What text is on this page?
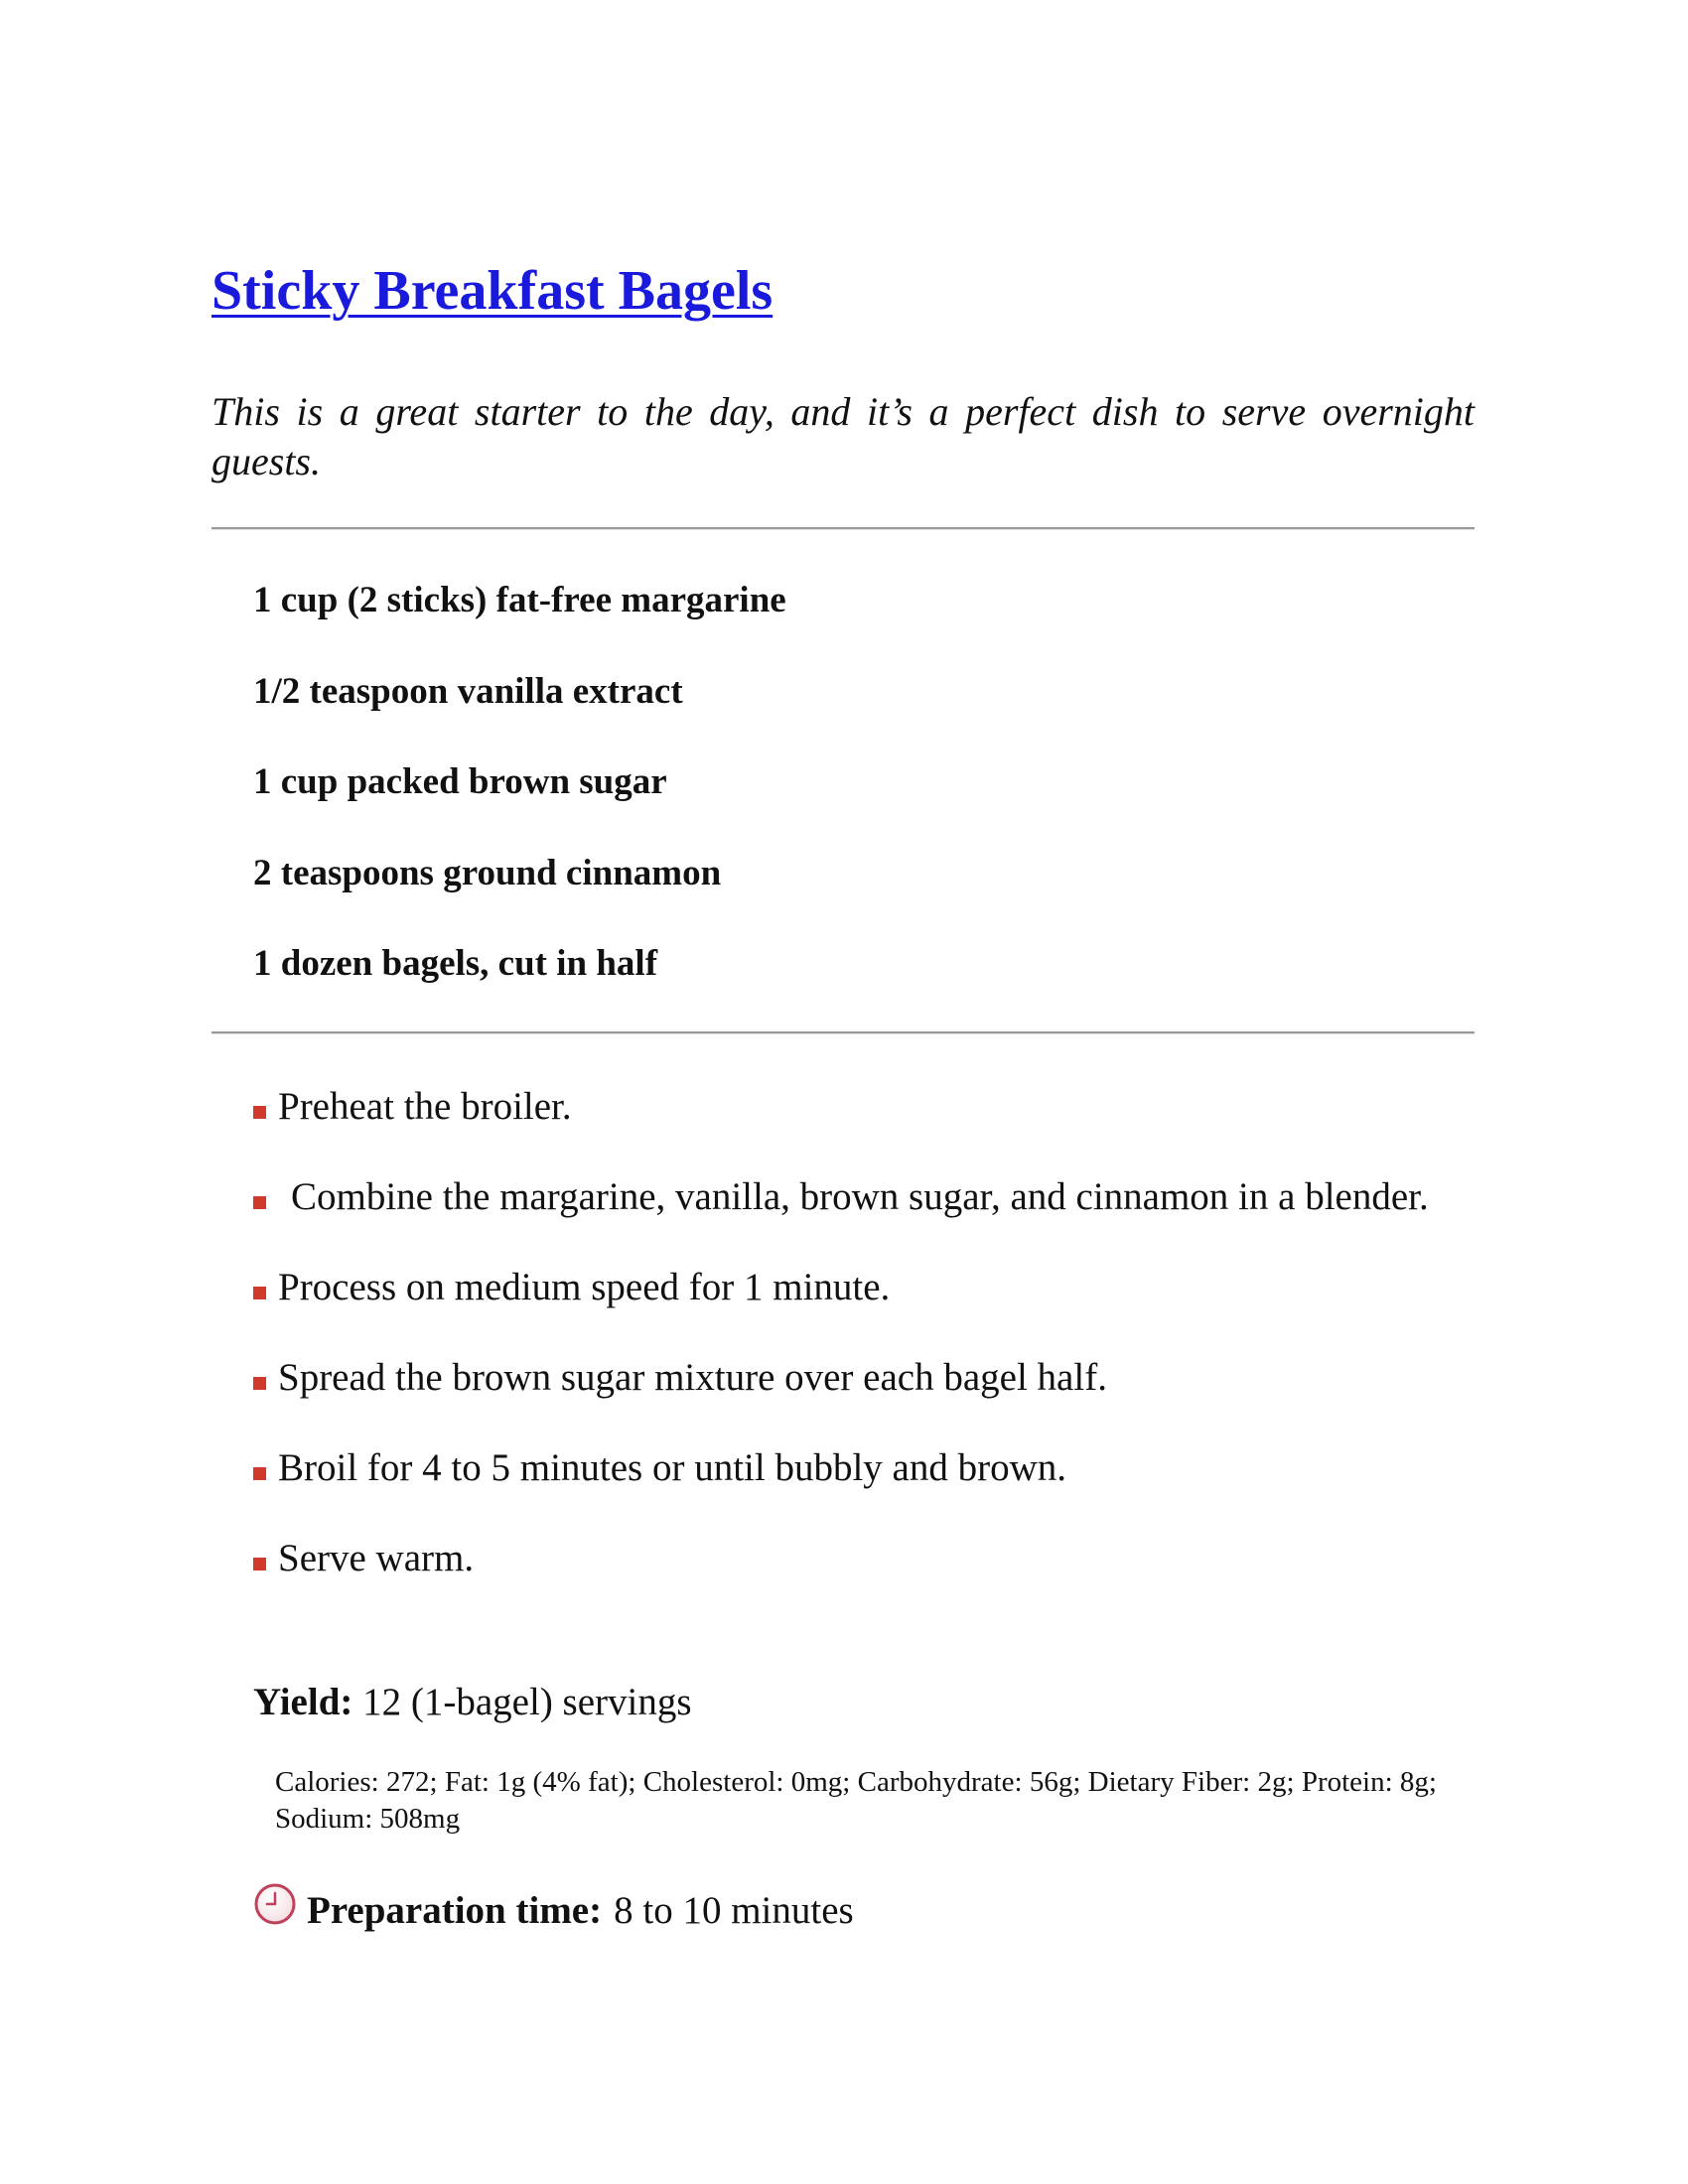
Sticky Breakfast Bagels

This is a great starter to the day, and it’s a perfect dish to serve overnight guests.

1 cup (2 sticks) fat-free margarine
1/2 teaspoon vanilla extract
1 cup packed brown sugar
2 teaspoons ground cinnamon
1 dozen bagels, cut in half
Preheat the broiler.
Combine the margarine, vanilla, brown sugar, and cinnamon in a blender.
Process on medium speed for 1 minute.
Spread the brown sugar mixture over each bagel half.
Broil for 4 to 5 minutes or until bubbly and brown.
Serve warm.

Yield: 12 (1-bagel) servings

Calories: 272; Fat: 1g (4% fat); Cholesterol: 0mg; Carbohydrate: 56g; Dietary Fiber: 2g; Protein: 8g; Sodium: 508mg

Preparation time: 8 to 10 minutes
